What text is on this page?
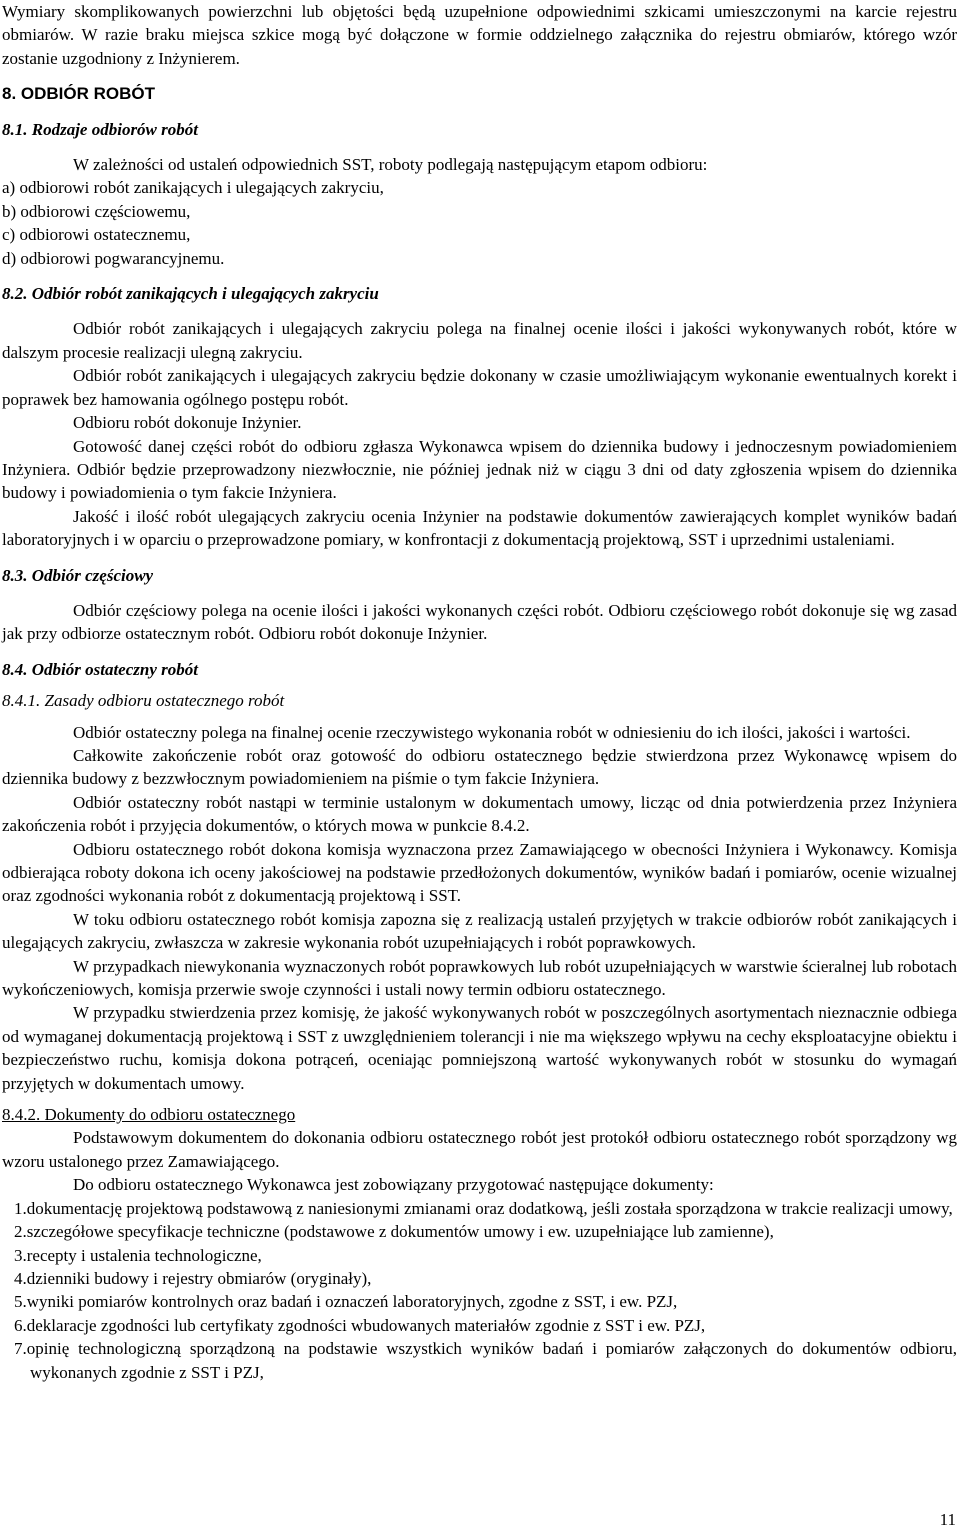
Wymiary skomplikowanych powierzchni lub objętości będą uzupełnione odpowiednimi szkicami umieszczonymi na karcie rejestru obmiarów. W razie braku miejsca szkice mogą być dołączone w formie oddzielnego załącznika do rejestru obmiarów, którego wzór zostanie uzgodniony z Inżynierem.

8. ODBIÓR ROBÓT
8.1. Rodzaje odbiorów robót

W zależności od ustaleń odpowiednich SST, roboty podlegają następującym etapom odbioru:

a) odbiorowi robót zanikających i ulegających zakryciu,

b) odbiorowi częściowemu,

c) odbiorowi ostatecznemu,

d) odbiorowi pogwarancyjnemu.

8.2. Odbiór robót zanikających i ulegających zakryciu

Odbiór robót zanikających i ulegających zakryciu polega na finalnej ocenie ilości i jakości wykonywanych robót, które w dalszym procesie realizacji ulegną zakryciu.

Odbiór robót zanikających i ulegających zakryciu będzie dokonany w czasie umożliwiającym wykonanie ewentualnych korekt i poprawek bez hamowania ogólnego postępu robót.

Odbioru robót dokonuje Inżynier.

Gotowość danej części robót do odbioru zgłasza Wykonawca wpisem do dziennika budowy i jednoczesnym powiadomieniem Inżyniera. Odbiór będzie przeprowadzony niezwłocznie, nie później jednak niż w ciągu 3 dni od daty zgłoszenia wpisem do dziennika budowy i powiadomienia o tym fakcie Inżyniera.

Jakość i ilość robót ulegających zakryciu ocenia Inżynier na podstawie dokumentów zawierających komplet wyników badań laboratoryjnych i w oparciu o przeprowadzone pomiary, w konfrontacji z dokumentacją projektową, SST i uprzednimi ustaleniami.

8.3. Odbiór częściowy

Odbiór częściowy polega na ocenie ilości i jakości wykonanych części robót. Odbioru częściowego robót dokonuje się wg zasad jak przy odbiorze ostatecznym robót. Odbioru robót dokonuje Inżynier.

8.4. Odbiór ostateczny robót
8.4.1. Zasady odbioru ostatecznego robót

Odbiór ostateczny polega na finalnej ocenie rzeczywistego wykonania robót w odniesieniu do ich ilości, jakości i wartości.

Całkowite zakończenie robót oraz gotowość do odbioru ostatecznego będzie stwierdzona przez Wykonawcę wpisem do dziennika budowy z bezzwłocznym powiadomieniem na piśmie o tym fakcie Inżyniera.

Odbiór ostateczny robót nastąpi w terminie ustalonym w dokumentach umowy, licząc od dnia potwierdzenia przez Inżyniera zakończenia robót i przyjęcia dokumentów, o których mowa w punkcie 8.4.2.

Odbioru ostatecznego robót dokona komisja wyznaczona przez Zamawiającego w obecności Inżyniera i Wykonawcy. Komisja odbierająca roboty dokona ich oceny jakościowej na podstawie przedłożonych dokumentów, wyników badań i pomiarów, ocenie wizualnej oraz zgodności wykonania robót z dokumentacją projektową i SST.

W toku odbioru ostatecznego robót komisja zapozna się z realizacją ustaleń przyjętych w trakcie odbiorów robót zanikających i ulegających zakryciu, zwłaszcza w zakresie wykonania robót uzupełniających i robót poprawkowych.

W przypadkach niewykonania wyznaczonych robót poprawkowych lub robót uzupełniających w warstwie ścieralnej lub robotach wykończeniowych, komisja przerwie swoje czynności i ustali nowy termin odbioru ostatecznego.

W przypadku stwierdzenia przez komisję, że jakość wykonywanych robót w poszczególnych asortymentach nieznacznie odbiega od wymaganej dokumentacją projektową i SST z uwzględnieniem tolerancji i nie ma większego wpływu na cechy eksploatacyjne obiektu i bezpieczeństwo ruchu, komisja dokona potrąceń, oceniając pomniejszoną wartość wykonywanych robót w stosunku do wymagań przyjętych w dokumentach umowy.

8.4.2. Dokumenty do odbioru ostatecznego

Podstawowym dokumentem do dokonania odbioru ostatecznego robót jest protokół odbioru ostatecznego robót sporządzony wg wzoru ustalonego przez Zamawiającego.

Do odbioru ostatecznego Wykonawca jest zobowiązany przygotować następujące dokumenty:

1.dokumentację projektową podstawową z naniesionymi zmianami oraz dodatkową, jeśli została sporządzona w trakcie realizacji umowy,

2.szczegółowe specyfikacje techniczne (podstawowe z dokumentów umowy i ew. uzupełniające lub zamienne),

3.recepty i ustalenia technologiczne,

4.dzienniki budowy i rejestry obmiarów (oryginały),

5.wyniki pomiarów kontrolnych oraz badań i oznaczeń laboratoryjnych, zgodne z SST, i ew. PZJ,

6.deklaracje zgodności lub certyfikaty zgodności wbudowanych materiałów zgodnie z SST i ew. PZJ,

7.opinię technologiczną sporządzoną na podstawie wszystkich wyników badań i pomiarów załączonych do dokumentów odbioru, wykonanych zgodnie z SST i PZJ,

11
